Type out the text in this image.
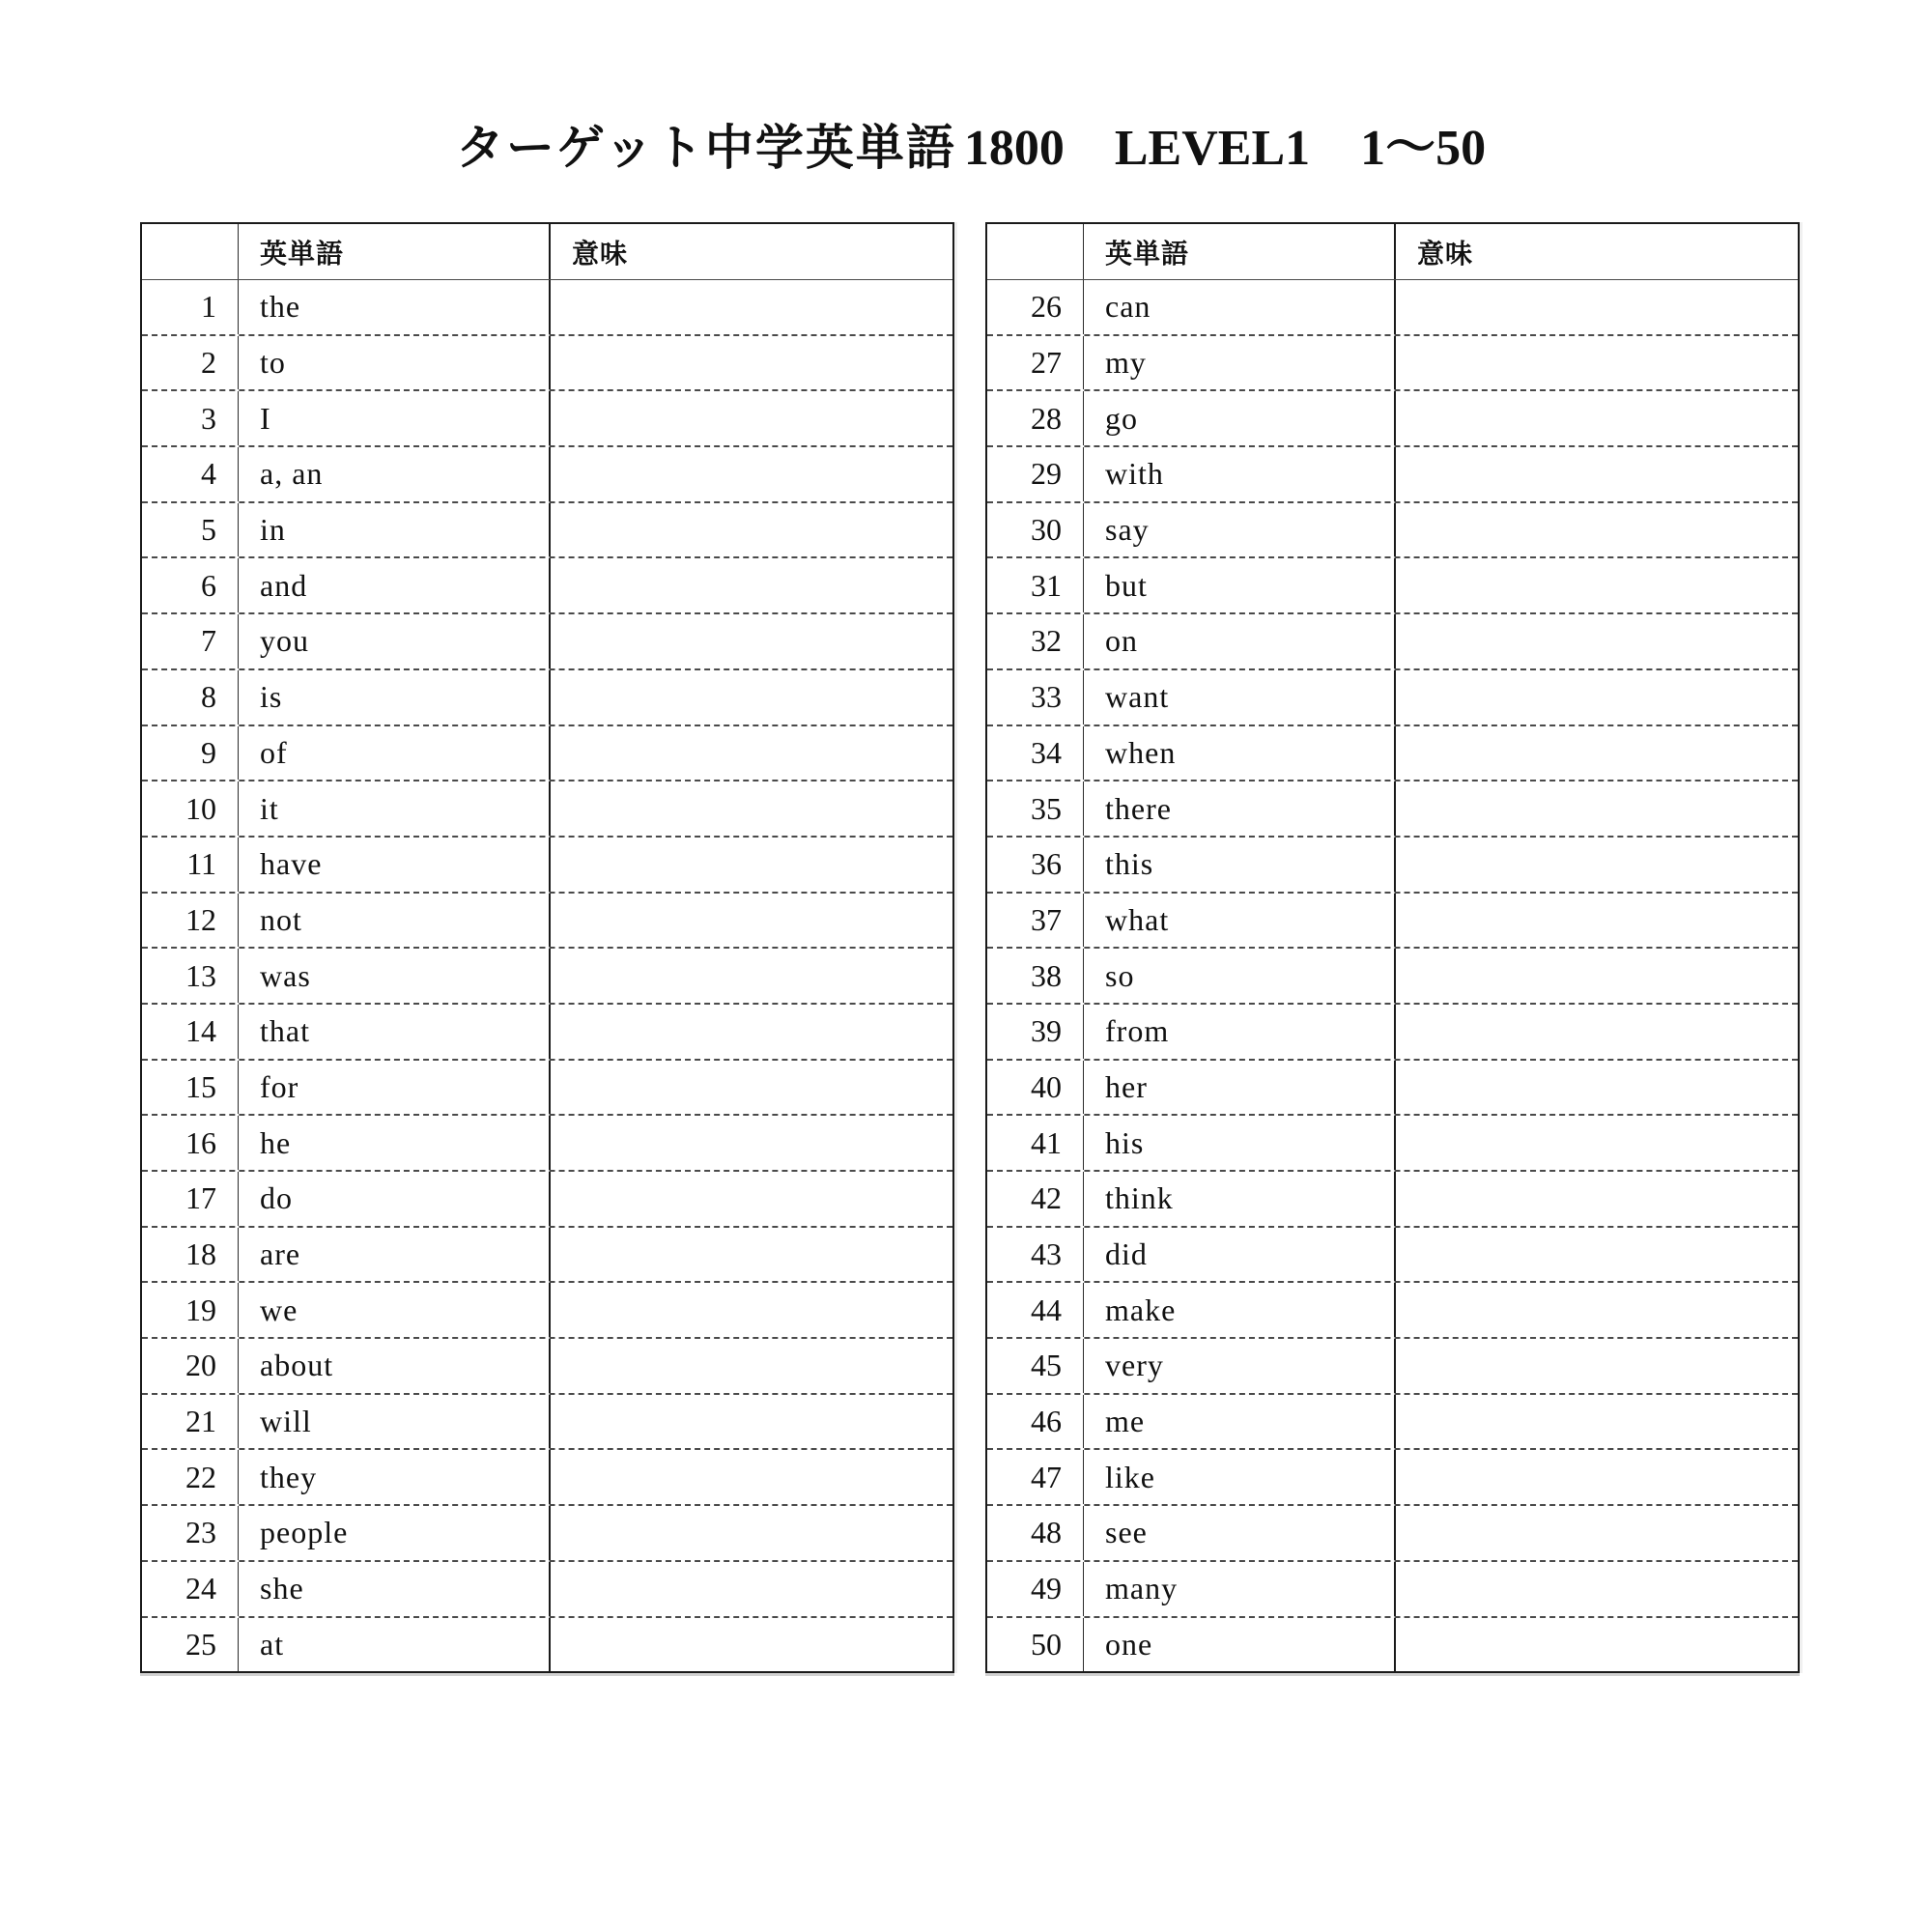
ターゲット中学英単語 1800 LEVEL1 1～50
英単語	意味
1	the
2	to
3	I
4	a, an
5	in
6	and
7	you
8	is
9	of
10	it
11	have
12	not
13	was
14	that
15	for
16	he
17	do
18	are
19	we
20	about
21	will
22	they
23	people
24	she
25	at
英単語	意味
26	can
27	my
28	go
29	with
30	say
31	but
32	on
33	want
34	when
35	there
36	this
37	what
38	so
39	from
40	her
41	his
42	think
43	did
44	make
45	very
46	me
47	like
48	see
49	many
50	one
